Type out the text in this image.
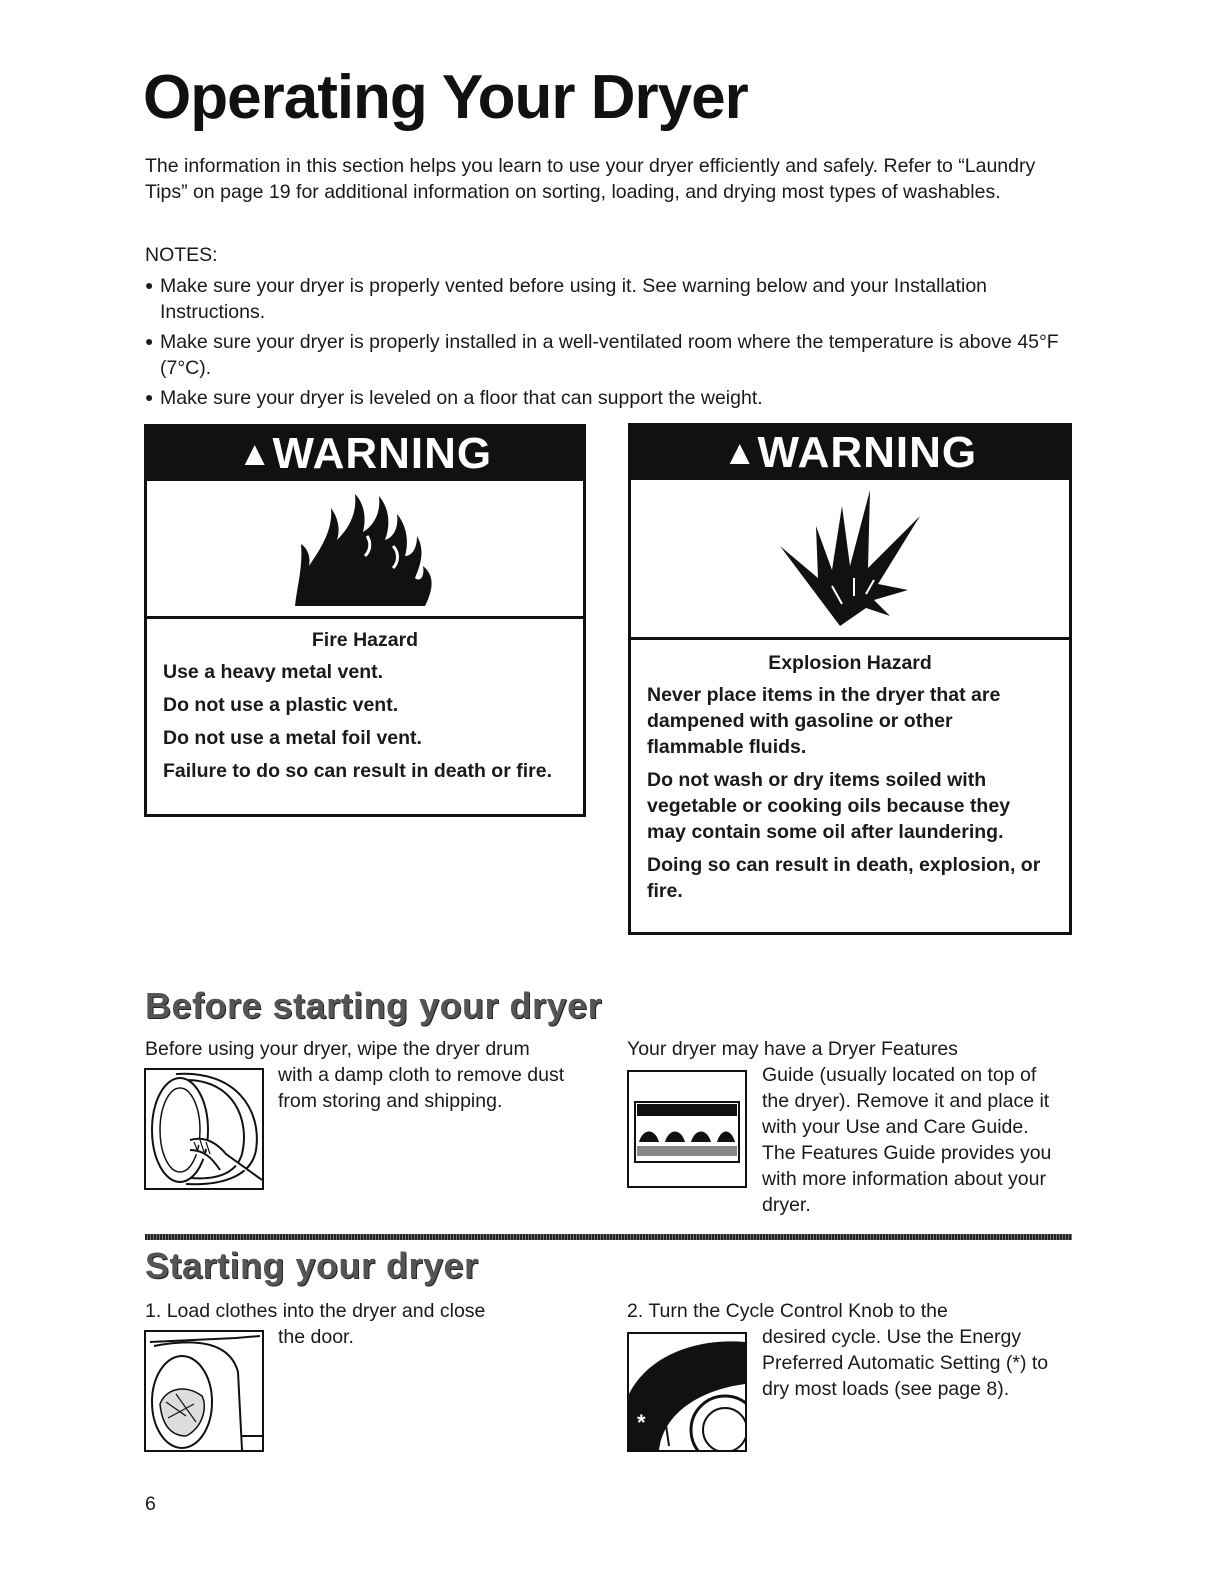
Operating Your Dryer

The information in this section helps you learn to use your dryer efficiently and safely. Refer to “Laundry Tips” on page 19 for additional information on sorting, loading, and drying most types of washables.

NOTES:

● Make sure your dryer is properly vented before using it. See warning below and your Installation Instructions.
● Make sure your dryer is properly installed in a well-ventilated room where the temperature is above 45°F (7°C).
● Make sure your dryer is leveled on a floor that can support the weight.
▲WARNING

Fire Hazard

Use a heavy metal vent.

Do not use a plastic vent.

Do not use a metal foil vent.

Failure to do so can result in death or fire.

▲WARNING

Explosion Hazard

Never place items in the dryer that are dampened with gasoline or other flammable fluids.

Do not wash or dry items soiled with vegetable or cooking oils because they may contain some oil after laundering.

Doing so can result in death, explosion, or fire.

Before starting your dryer

Before using your dryer, wipe the dryer drum

with a damp cloth to remove dust from storing and shipping.

Your dryer may have a Dryer Features

Guide (usually located on top of the dryer). Remove it and place it with your Use and Care Guide. The Features Guide provides you with more information about your dryer.

Starting your dryer

1. Load clothes into the dryer and close

the door.

2. Turn the Cycle Control Knob to the

*

desired cycle. Use the Energy Preferred Automatic Setting (*) to dry most loads (see page 8).

6
